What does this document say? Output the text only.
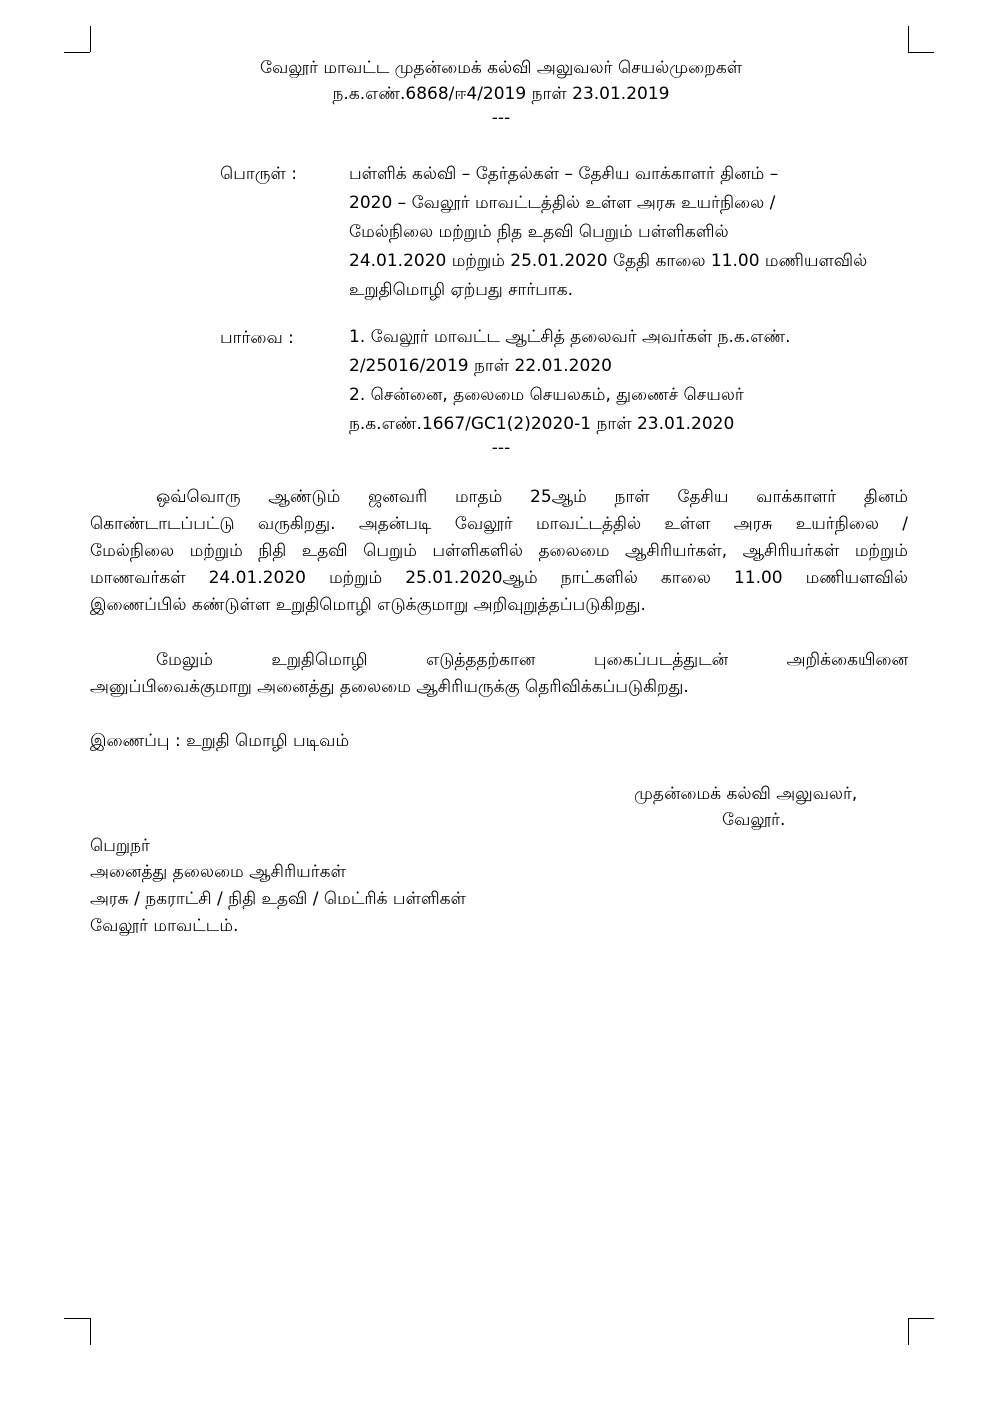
வேலூர் மாவட்ட முதன்மைக் கல்வி அலுவலர் செயல்முறைகள்
ந.க.எண்.6868/ஈ4/2019 நாள் 23.01.2019
---
பொருள் :	பள்ளிக் கல்வி – தேர்தல்கள் – தேசிய வாக்காளர் தினம் –
2020 – வேலூர் மாவட்டத்தில் உள்ள அரசு உயர்நிலை /
மேல்நிலை மற்றும் நித உதவி பெறும் பள்ளிகளில்
24.01.2020 மற்றும் 25.01.2020 தேதி காலை 11.00 மணியளவில்
உறுதிமொழி ஏற்பது சார்பாக.
பார்வை :	1. வேலூர் மாவட்ட ஆட்சித் தலைவர் அவர்கள் ந.க.எண்.
2/25016/2019 நாள் 22.01.2020
2. சென்னை, தலைமை செயலகம், துணைச் செயலர்
ந.க.எண்.1667/GC1(2)2020-1 நாள் 23.01.2020
---
ஒவ்வொரு ஆண்டும் ஜனவரி மாதம் 25ஆம் நாள் தேசிய வாக்காளர் தினம்
கொண்டாடப்பட்டு வருகிறது. அதன்படி வேலூர் மாவட்டத்தில் உள்ள அரசு உயர்நிலை /
மேல்நிலை மற்றும் நிதி உதவி பெறும் பள்ளிகளில் தலைமை ஆசிரியர்கள், ஆசிரியர்கள் மற்றும்
மாணவர்கள் 24.01.2020 மற்றும் 25.01.2020ஆம் நாட்களில் காலை 11.00 மணியளவில்
இணைப்பில் கண்டுள்ள உறுதிமொழி எடுக்குமாறு அறிவுறுத்தப்படுகிறது.
மேலும் உறுதிமொழி எடுத்ததற்கான புகைப்படத்துடன் அறிக்கையினை
அனுப்பிவைக்குமாறு அனைத்து தலைமை ஆசிரியருக்கு தெரிவிக்கப்படுகிறது.
இணைப்பு : உறுதி மொழி படிவம்
முதன்மைக் கல்வி அலுவலர்,
வேலூர்.
பெறுநர்
அனைத்து தலைமை ஆசிரியர்கள்
அரசு / நகராட்சி / நிதி உதவி / மெட்ரிக் பள்ளிகள்
வேலூர் மாவட்டம்.
